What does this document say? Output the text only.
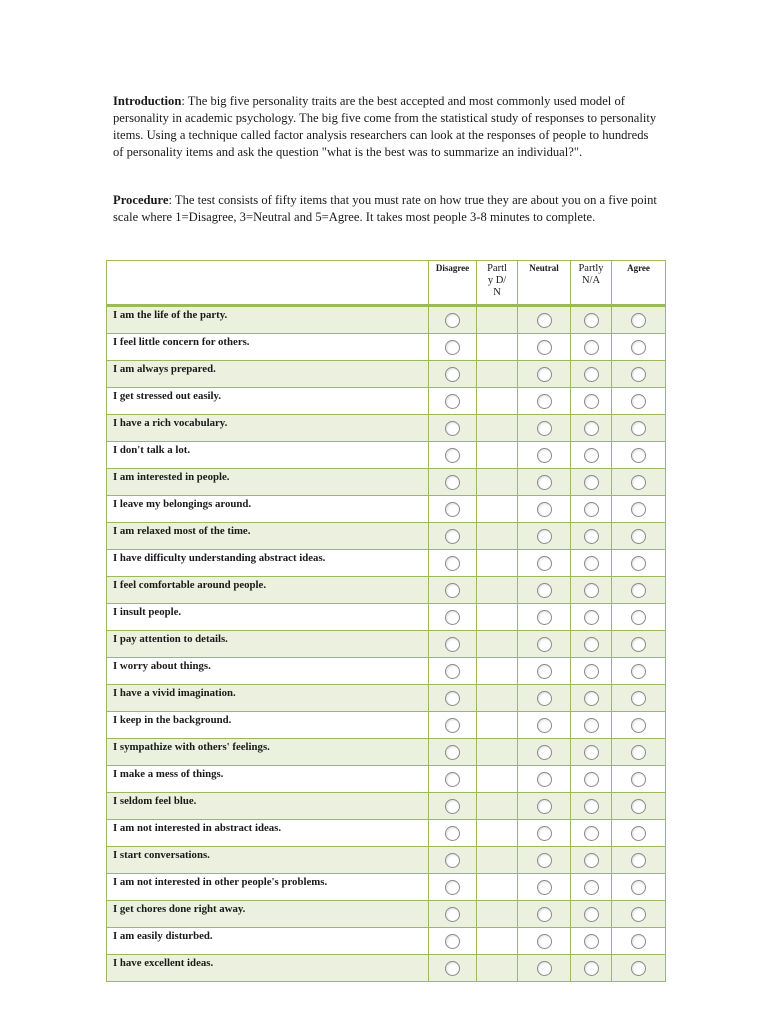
Introduction: The big five personality traits are the best accepted and most commonly used model of personality in academic psychology. The big five come from the statistical study of responses to personality items. Using a technique called factor analysis researchers can look at the responses of people to hundreds of personality items and ask the question "what is the best was to summarize an individual?".

Procedure: The test consists of fifty items that you must rate on how true they are about you on a five point scale where 1=Disagree, 3=Neutral and 5=Agree. It takes most people 3-8 minutes to complete.

	Disagree	Partl y D/N	Neutral	Partly N/A	Agree
I am the life of the party.					
I feel little concern for others.					
I am always prepared.					
I get stressed out easily.					
I have a rich vocabulary.					
I don't talk a lot.					
I am interested in people.					
I leave my belongings around.					
I am relaxed most of the time.					
I have difficulty understanding abstract ideas.					
I feel comfortable around people.					
I insult people.					
I pay attention to details.					
I worry about things.					
I have a vivid imagination.					
I keep in the background.					
I sympathize with others' feelings.					
I make a mess of things.					
I seldom feel blue.					
I am not interested in abstract ideas.					
I start conversations.					
I am not interested in other people's problems.					
I get chores done right away.					
I am easily disturbed.					
I have excellent ideas.					
